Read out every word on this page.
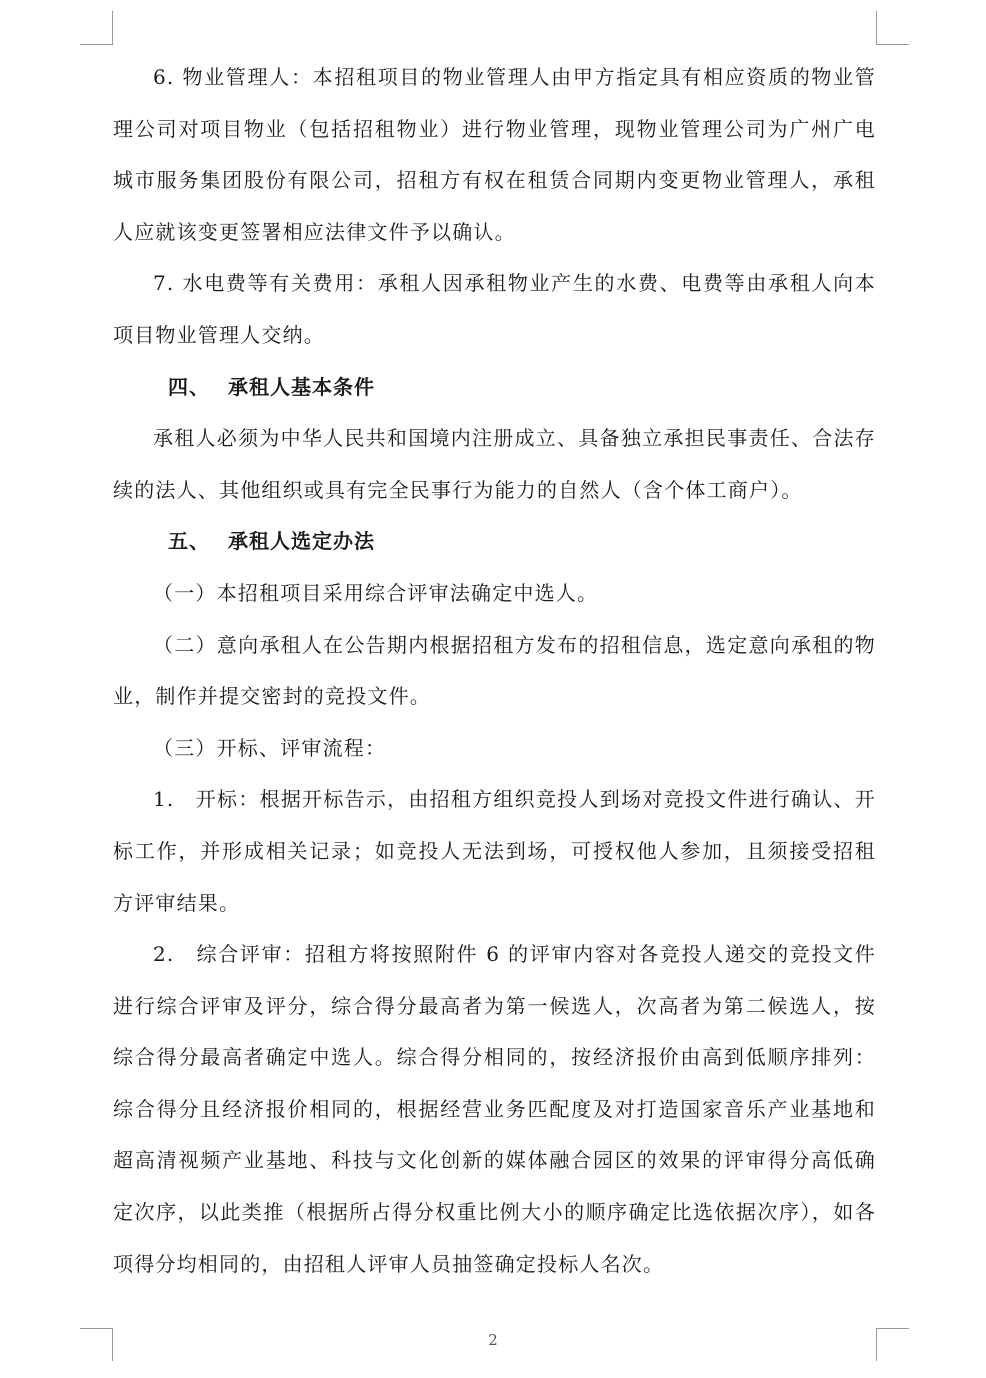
6. 物业管理人：本招租项目的物业管理人由甲方指定具有相应资质的物业管理公司对项目物业（包括招租物业）进行物业管理，现物业管理公司为广州广电城市服务集团股份有限公司，招租方有权在租赁合同期内变更物业管理人，承租人应就该变更签署相应法律文件予以确认。

7. 水电费等有关费用：承租人因承租物业产生的水费、电费等由承租人向本项目物业管理人交纳。

四、 承租人基本条件

承租人必须为中华人民共和国境内注册成立、具备独立承担民事责任、合法存续的法人、其他组织或具有完全民事行为能力的自然人（含个体工商户）。

五、 承租人选定办法

（一）本招租项目采用综合评审法确定中选人。

（二）意向承租人在公告期内根据招租方发布的招租信息，选定意向承租的物业，制作并提交密封的竞投文件。

（三）开标、评审流程：

1.　开标：根据开标告示，由招租方组织竞投人到场对竞投文件进行确认、开标工作，并形成相关记录；如竞投人无法到场，可授权他人参加，且须接受招租方评审结果。

2.　综合评审：招租方将按照附件 6 的评审内容对各竞投人递交的竞投文件进行综合评审及评分，综合得分最高者为第一候选人，次高者为第二候选人，按综合得分最高者确定中选人。综合得分相同的，按经济报价由高到低顺序排列：综合得分且经济报价相同的，根据经营业务匹配度及对打造国家音乐产业基地和超高清视频产业基地、科技与文化创新的媒体融合园区的效果的评审得分高低确定次序，以此类推（根据所占得分权重比例大小的顺序确定比选依据次序），如各项得分均相同的，由招租人评审人员抽签确定投标人名次。

2
